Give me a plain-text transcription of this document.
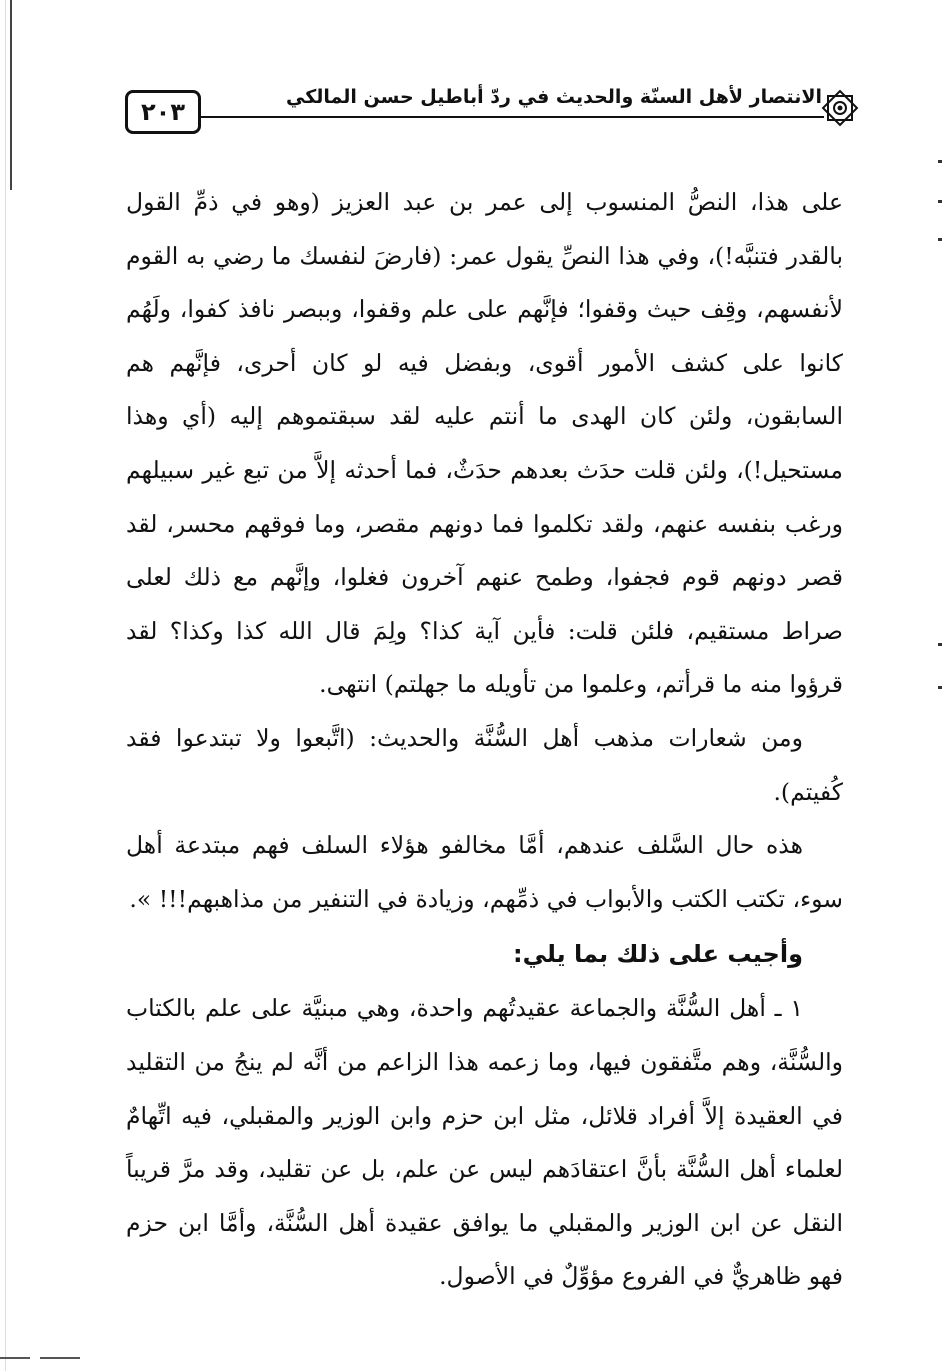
٢٠٣
الانتصار لأهل السنّة والحديث في ردّ أباطيل حسن المالكي

على هذا، النصُّ المنسوب إلى عمر بن عبد العزيز (وهو في ذمِّ القول بالقدر فتنبَّه!)، وفي هذا النصِّ يقول عمر: (فارضَ لنفسك ما رضي به القوم لأنفسهم، وقِف حيث وقفوا؛ فإنَّهم على علم وقفوا، وببصر نافذ كفوا، ولَهُم كانوا على كشف الأمور أقوى، وبفضل فيه لو كان أحرى، فإنَّهم هم السابقون، ولئن كان الهدى ما أنتم عليه لقد سبقتموهم إليه (أي وهذا مستحيل!)، ولئن قلت حدَث بعدهم حدَثٌ، فما أحدثه إلاَّ من تبع غير سبيلهم ورغب بنفسه عنهم، ولقد تكلموا فما دونهم مقصر، وما فوقهم محسر، لقد قصر دونهم قوم فجفوا، وطمح عنهم آخرون فغلوا، وإنَّهم مع ذلك لعلى صراط مستقيم، فلئن قلت: فأين آية كذا؟ ولِمَ قال الله كذا وكذا؟ لقد قرؤوا منه ما قرأتم، وعلموا من تأويله ما جهلتم) انتهى.

ومن شعارات مذهب أهل السُّنَّة والحديث: (اتَّبعوا ولا تبتدعوا فقد كُفيتم).

هذه حال السَّلف عندهم، أمَّا مخالفو هؤلاء السلف فهم مبتدعة أهل سوء، تكتب الكتب والأبواب في ذمِّهم، وزيادة في التنفير من مذاهبهم!!! ».

وأجيب على ذلك بما يلي:

١ ـ أهل السُّنَّة والجماعة عقيدتُهم واحدة، وهي مبنيَّة على علم بالكتاب والسُّنَّة، وهم متَّفقون فيها، وما زعمه هذا الزاعم من أنَّه لم ينجُ من التقليد في العقيدة إلاَّ أفراد قلائل، مثل ابن حزم وابن الوزير والمقبلي، فيه اتِّهامٌ لعلماء أهل السُّنَّة بأنَّ اعتقادَهم ليس عن علم، بل عن تقليد، وقد مرَّ قريباً النقل عن ابن الوزير والمقبلي ما يوافق عقيدة أهل السُّنَّة، وأمَّا ابن حزم فهو ظاهريٌّ في الفروع مؤوِّلٌ في الأصول.
